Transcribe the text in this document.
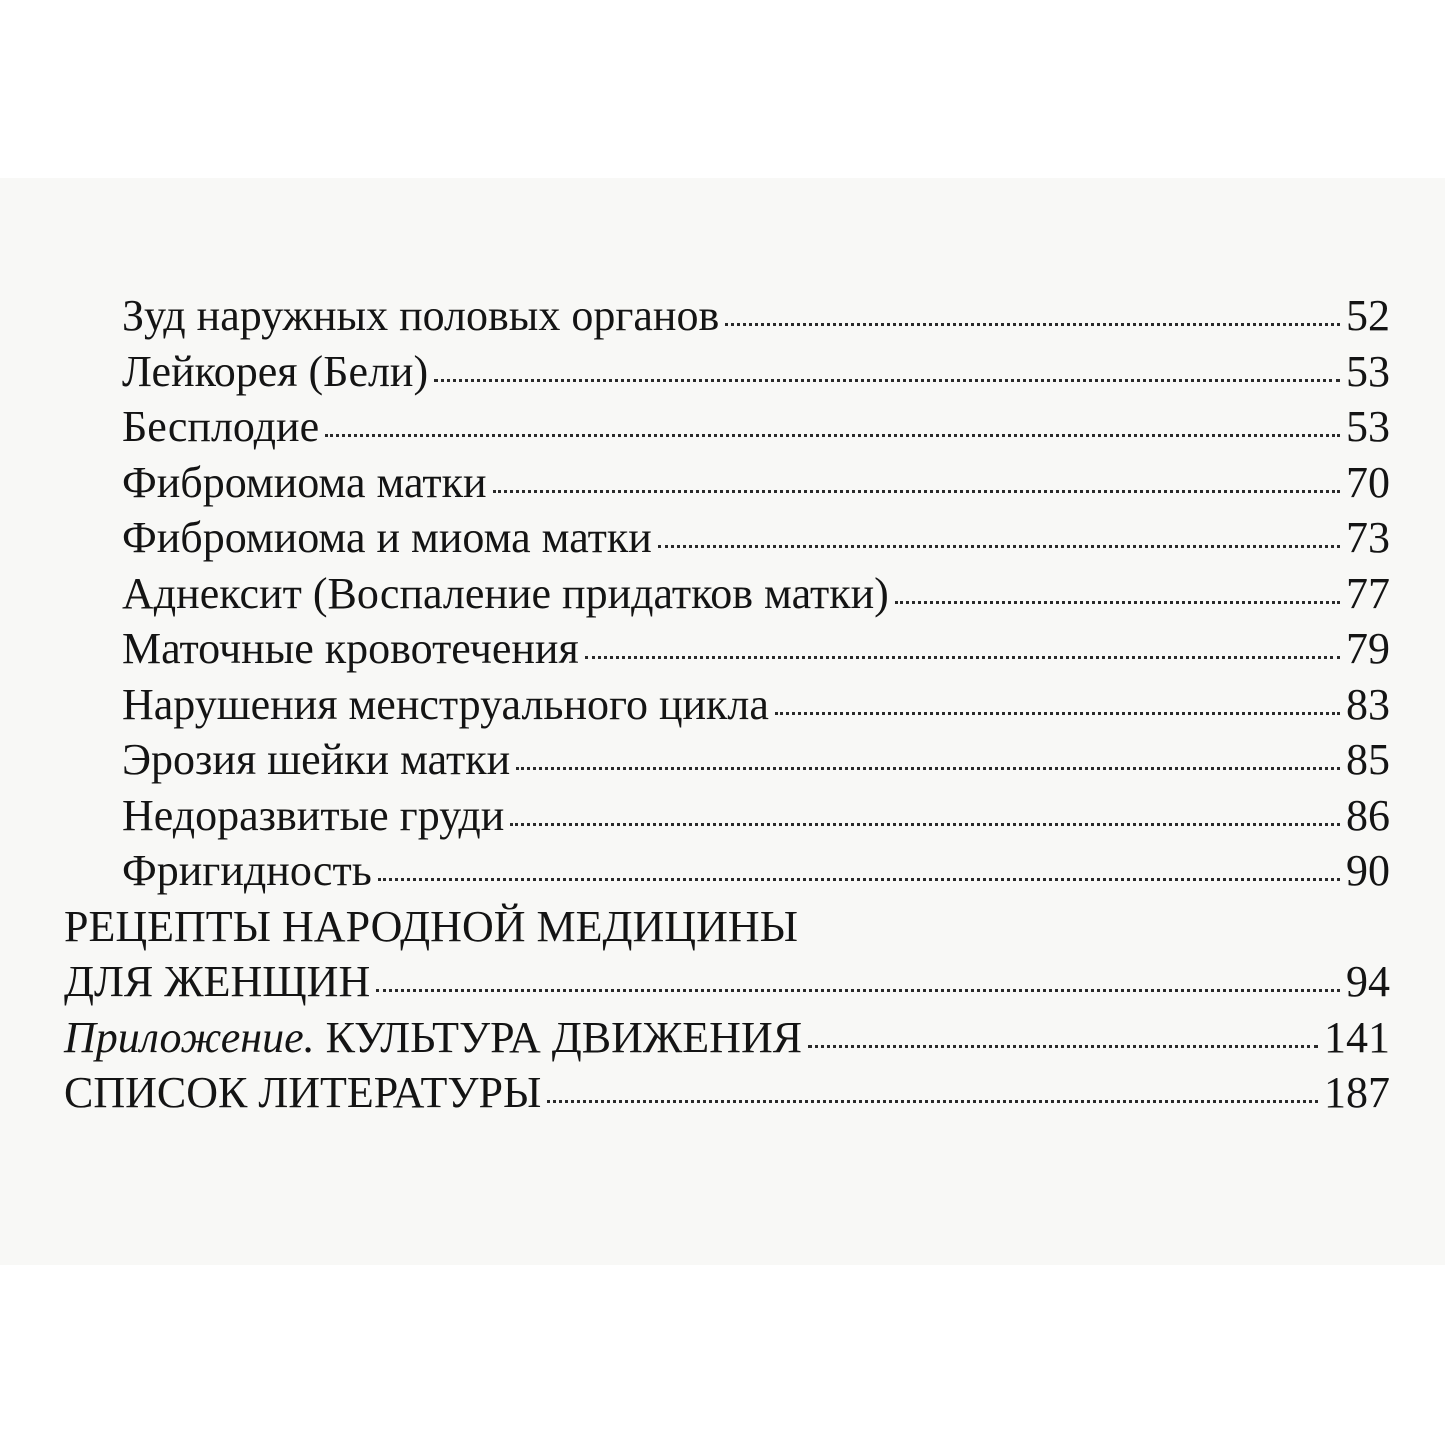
Зуд наружных половых органов	52
Лейкорея (Бели)	53
Бесплодие	53
Фибромиома матки	70
Фибромиома и миома матки	73
Аднексит (Воспаление придатков матки)	77
Маточные кровотечения	79
Нарушения менструального цикла	83
Эрозия шейки матки	85
Недоразвитые груди	86
Фригидность	90
РЕЦЕПТЫ НАРОДНОЙ МЕДИЦИНЫ
ДЛЯ ЖЕНЩИН	94
Приложение. КУЛЬТУРА ДВИЖЕНИЯ	141
СПИСОК ЛИТЕРАТУРЫ	187
